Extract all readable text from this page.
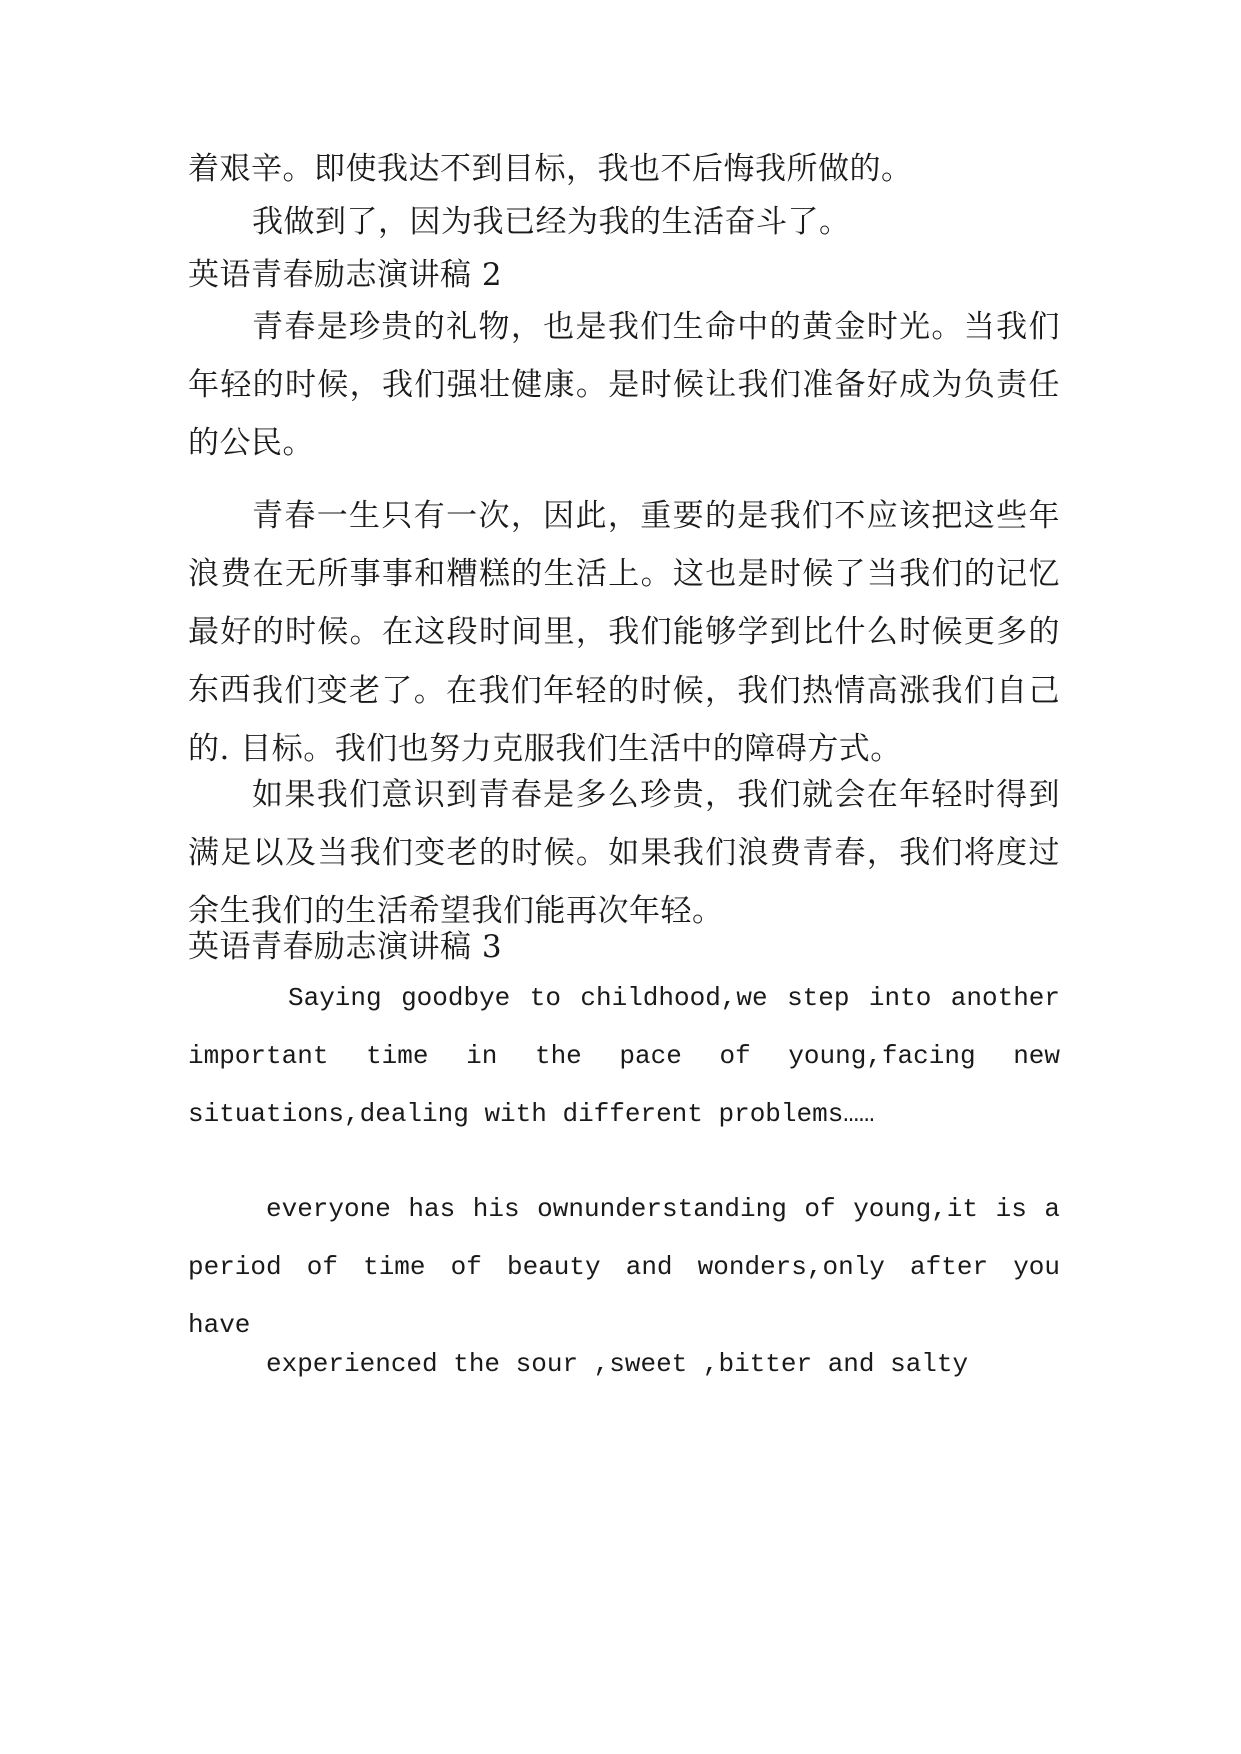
着艰辛。即使我达不到目标，我也不后悔我所做的。

我做到了，因为我已经为我的生活奋斗了。

英语青春励志演讲稿 2

青春是珍贵的礼物，也是我们生命中的黄金时光。当我们年轻的时候，我们强壮健康。是时候让我们准备好成为负责任的公民。

青春一生只有一次，因此，重要的是我们不应该把这些年浪费在无所事事和糟糕的生活上。这也是时候了当我们的记忆最好的时候。在这段时间里，我们能够学到比什么时候更多的东西 我们变老了。在我们年轻的时候，我们热情高涨我们自己的. 目标。我们也努力克服我们生活中的障碍方式。

如果我们意识到青春是多么珍贵，我们就会在年轻时得到满足以及当我们变老的时候。如果我们浪费青春，我们将度过余生我们的生活希望我们能再次年轻。

英语青春励志演讲稿 3

Saying goodbye to childhood,we step into another important time in the pace of young,facing new situations,dealing with different problems……

everyone has his ownunderstanding of young,it is a period of time of beauty and wonders,only after you have

experienced the sour ,sweet ,bitter and salty
